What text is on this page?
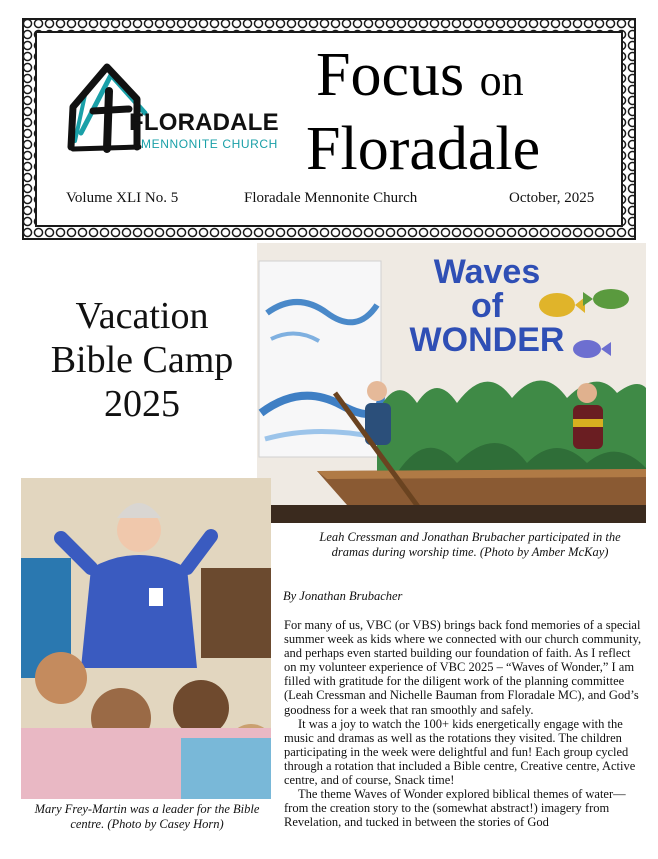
FLORADALE
MENNONITE CHURCH
Focus on
Floradale
Volume XLI No. 5	Floradale Mennonite Church	October, 2025
Vacation
Bible Camp
2025
Waves
of
WONDER
Leah Cressman and Jonathan Brubacher participated in the dramas during worship time. (Photo by Amber McKay)
Mary Frey-Martin was a leader for the Bible centre. (Photo by Casey Horn)
By Jonathan Brubacher

For many of us, VBC (or VBS) brings back fond memories of a special summer week as kids where we connected with our church community, and perhaps even started building our foundation of faith. As I reflect on my volunteer experience of VBC 2025 – “Waves of Wonder,” I am filled with gratitude for the diligent work of the planning committee (Leah Cressman and Nichelle Bauman from Floradale MC), and God’s goodness for a week that ran smoothly and safely.

It was a joy to watch the 100+ kids energetically engage with the music and dramas as well as the rotations they visited. The children participating in the week were delightful and fun! Each group cycled through a rotation that included a Bible centre, Creative centre, Active centre, and of course, Snack time!

The theme Waves of Wonder explored biblical themes of water—from the creation story to the (somewhat abstract!) imagery from Revelation, and tucked in between the stories of God
